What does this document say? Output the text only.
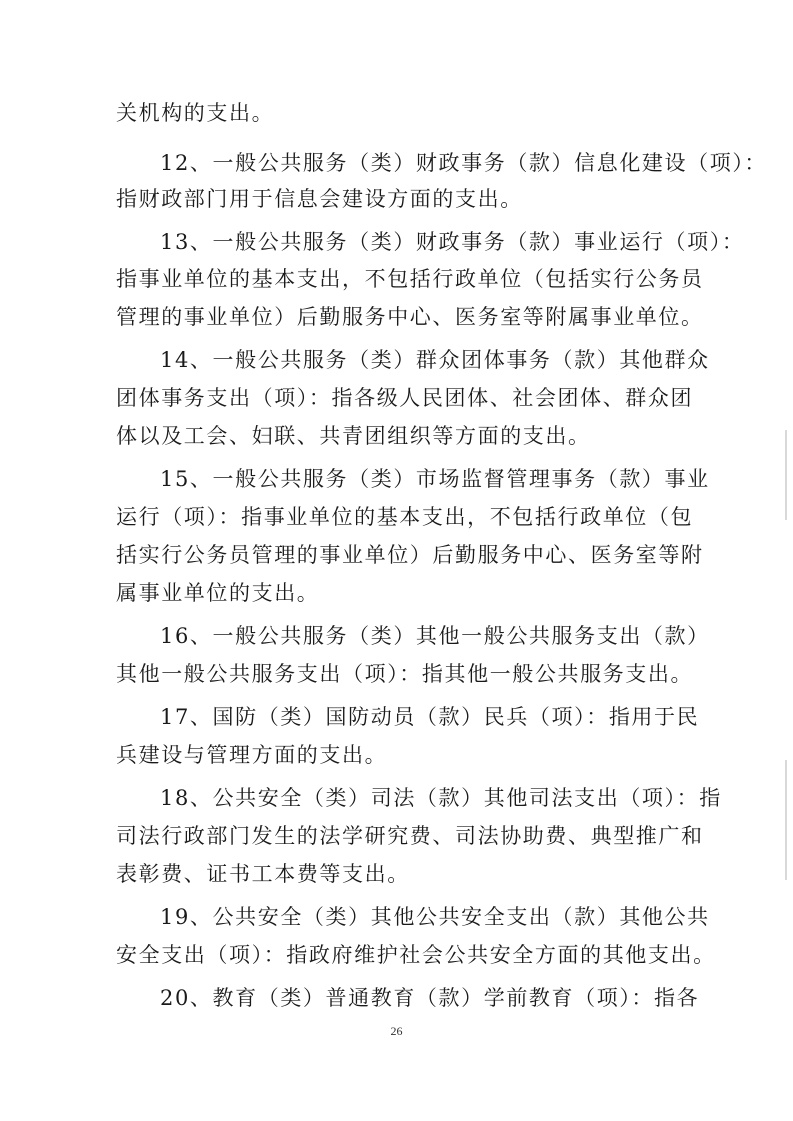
关机构的支出。
12、一般公共服务（类）财政事务（款）信息化建设（项）：
指财政部门用于信息会建设方面的支出。
13、一般公共服务（类）财政事务（款）事业运行（项）：
指事业单位的基本支出，不包括行政单位（包括实行公务员
管理的事业单位）后勤服务中心、医务室等附属事业单位。
14、一般公共服务（类）群众团体事务（款）其他群众
团体事务支出（项）：指各级人民团体、社会团体、群众团
体以及工会、妇联、共青团组织等方面的支出。
15、一般公共服务（类）市场监督管理事务（款）事业
运行（项）：指事业单位的基本支出，不包括行政单位（包
括实行公务员管理的事业单位）后勤服务中心、医务室等附
属事业单位的支出。
16、一般公共服务（类）其他一般公共服务支出（款）
其他一般公共服务支出（项）：指其他一般公共服务支出。
17、国防（类）国防动员（款）民兵（项）：指用于民
兵建设与管理方面的支出。
18、公共安全（类）司法（款）其他司法支出（项）：指
司法行政部门发生的法学研究费、司法协助费、典型推广和
表彰费、证书工本费等支出。
19、公共安全（类）其他公共安全支出（款）其他公共
安全支出（项）：指政府维护社会公共安全方面的其他支出。
20、教育（类）普通教育（款）学前教育（项）：指各
26
